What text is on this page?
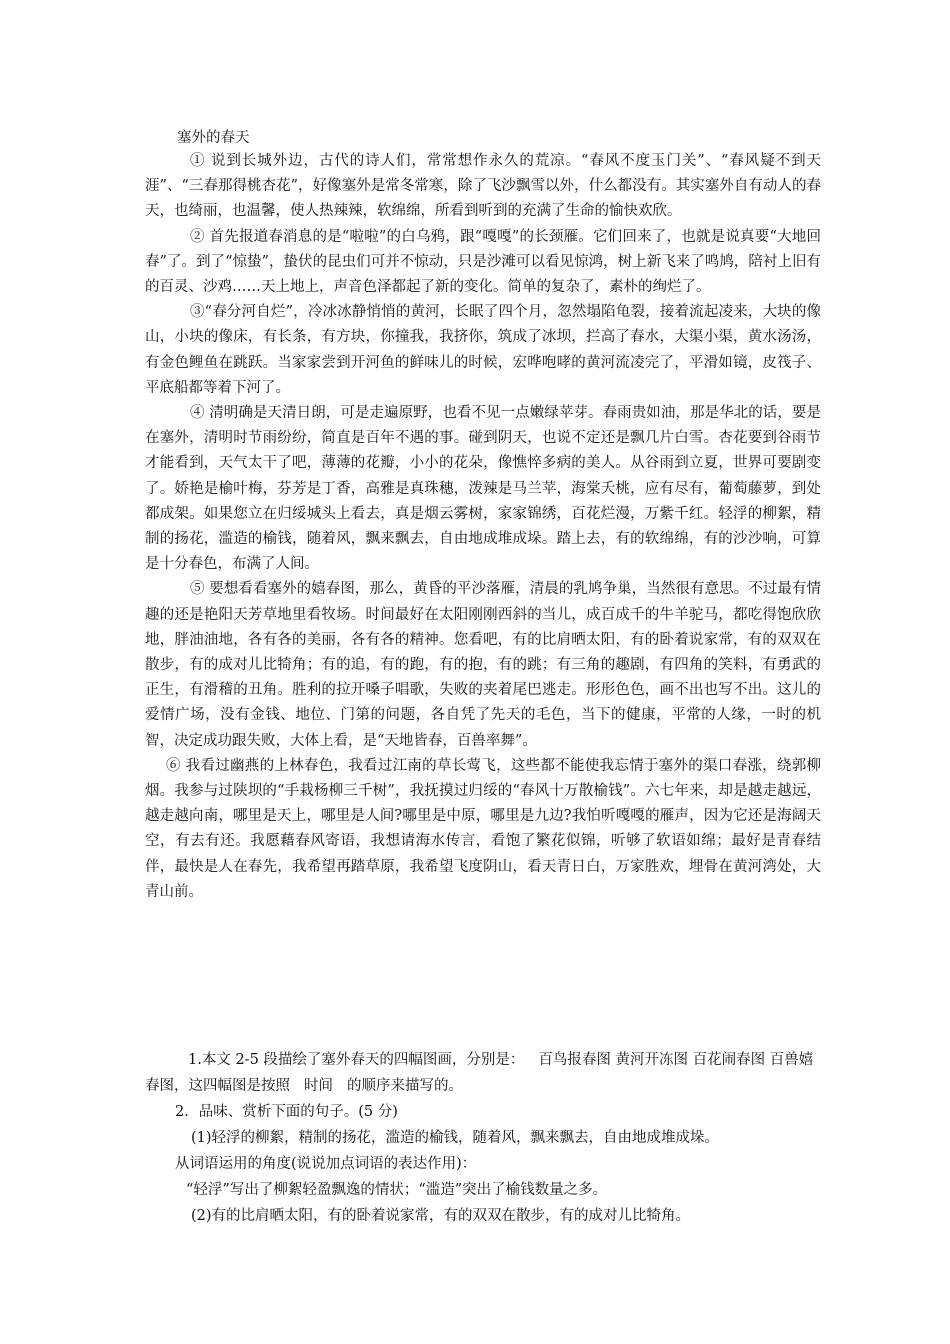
塞外的春天

① 说到长城外边，古代的诗人们，常常想作永久的荒凉。“春风不度玉门关”、“春风疑不到天涯”、“三春那得桃杏花”，好像塞外是常冬常寒，除了飞沙飘雪以外，什么都没有。其实塞外自有动人的春天，也绮丽，也温馨，使人热辣辣，软绵绵，所看到听到的充满了生命的愉快欢欣。

② 首先报道春消息的是“啦啦”的白乌鸦，跟“嘎嘎”的长颈雁。它们回来了，也就是说真要“大地回春”了。到了“惊蛰”，蛰伏的昆虫们可并不惊动，只是沙滩可以看见惊鸿，树上新飞来了鸣鸠，陪衬上旧有的百灵、沙鸡……天上地上，声音色泽都起了新的变化。简单的复杂了，素朴的绚烂了。

③“春分河自烂”，冷冰冰静悄悄的黄河，长眠了四个月，忽然塌陷龟裂，接着流起凌来，大块的像山，小块的像床，有长条，有方块，你撞我，我挤你，筑成了冰坝，拦高了春水，大渠小渠，黄水汤汤，有金色鲤鱼在跳跃。当家家尝到开河鱼的鲜味儿的时候，宏哗咆哮的黄河流凌完了，平滑如镜，皮筏子、平底船都等着下河了。

④ 清明确是天清日朗，可是走遍原野，也看不见一点嫩绿苹芽。春雨贵如油，那是华北的话，要是在塞外，清明时节雨纷纷，简直是百年不遇的事。碰到阴天，也说不定还是飘几片白雪。杏花要到谷雨节才能看到，天气太干了吧，薄薄的花瓣，小小的花朵，像憔悴多病的美人。从谷雨到立夏，世界可要剧变了。娇艳是榆叶梅，芬芳是丁香，高雅是真珠穗，泼辣是马兰苹，海棠夭桃，应有尽有，葡萄藤萝，到处都成架。如果您立在归绥城头上看去，真是烟云雾树，家家锦绣，百花烂漫，万紫千红。轻浮的柳絮，精制的扬花，滥造的榆钱，随着风，飘来飘去，自由地成堆成垛。踏上去，有的软绵绵，有的沙沙响，可算是十分春色，布满了人间。

⑤ 要想看看塞外的嬉春图，那么，黄昏的平沙落雁，清晨的乳鸠争巢，当然很有意思。不过最有情趣的还是艳阳天芳草地里看牧场。时间最好在太阳刚刚西斜的当儿，成百成千的牛羊驼马，都吃得饱欣欣地，胖油油地，各有各的美丽，各有各的精神。您看吧，有的比肩晒太阳，有的卧着说家常，有的双双在散步，有的成对儿比犄角；有的追，有的跑，有的抱，有的跳；有三角的趣剧，有四角的笑料，有勇武的正生，有滑稽的丑角。胜利的拉开嗓子唱歌，失败的夹着尾巴逃走。形形色色，画不出也写不出。这儿的爱情广场，没有金钱、地位、门第的问题，各自凭了先天的毛色，当下的健康，平常的人缘，一时的机智，决定成功跟失败，大体上看，是“天地皆春，百兽率舞”。

⑥ 我看过幽燕的上林春色，我看过江南的草长莺飞，这些都不能使我忘情于塞外的渠口春涨，绕郭柳烟。我参与过陕坝的“手栽杨柳三千树”，我抚摸过归绥的“春风十万散榆钱”。六七年来，却是越走越远，越走越向南，哪里是天上，哪里是人间?哪里是中原，哪里是九边?我怕听嘎嘎的雁声，因为它还是海阔天空，有去有还。我愿藉春风寄语，我想请海水传言，看饱了繁花似锦，听够了软语如绵；最好是青春结伴，最快是人在春先，我希望再踏草原，我希望飞度阴山，看天青日白，万家胜欢，埋骨在黄河湾处，大青山前。

1.本文 2-5 段描绘了塞外春天的四幅图画，分别是： 百鸟报春图 黄河开冻图 百花闹春图 百兽嬉春图，这四幅图是按照 时间 的顺序来描写的。

2．品味、赏析下面的句子。(5 分)

(1)轻浮的柳絮，精制的扬花，滥造的榆钱，随着风，飘来飘去，自由地成堆成垛。

从词语运用的角度(说说加点词语的表达作用)：

“轻浮”写出了柳絮轻盈飘逸的情状；“滥造”突出了榆钱数量之多。

(2)有的比肩晒太阳，有的卧着说家常，有的双双在散步，有的成对儿比犄角。
